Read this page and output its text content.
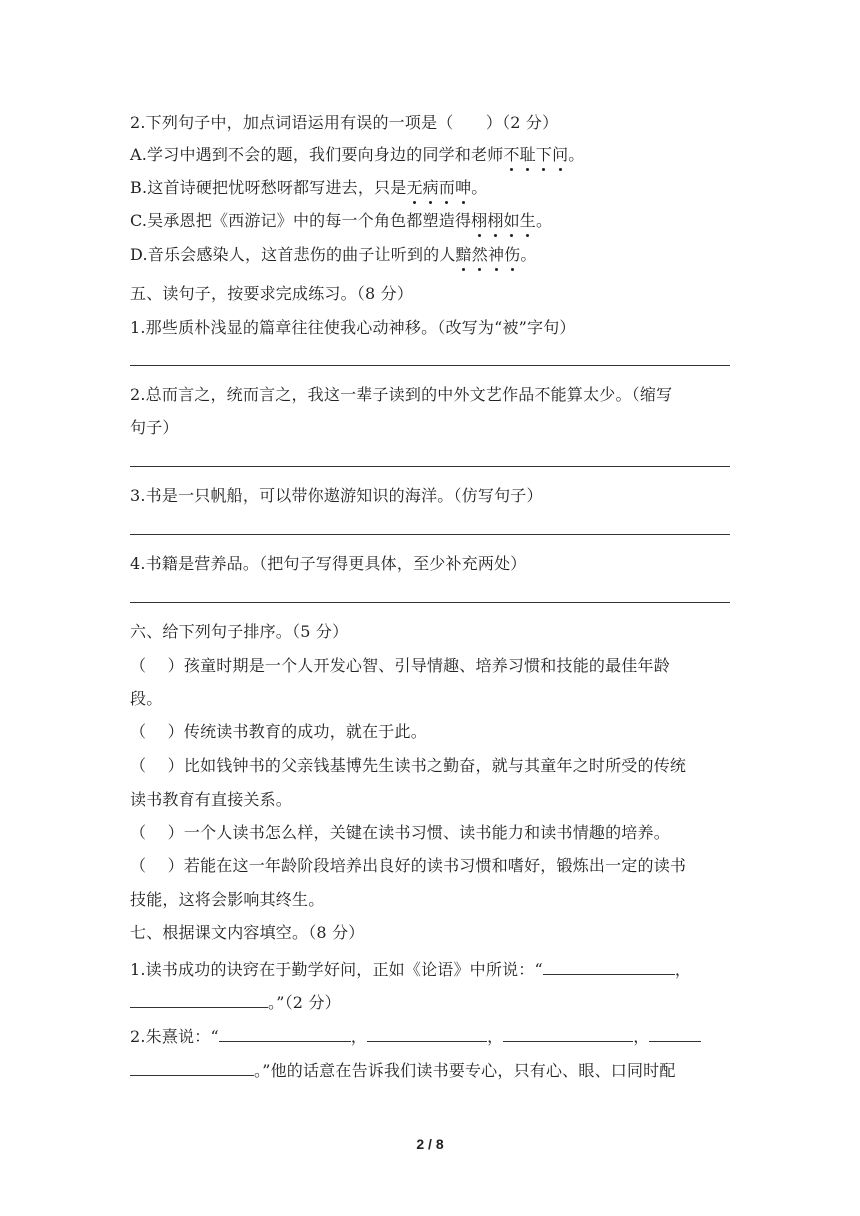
2.下列句子中，加点词语运用有误的一项是（　　）（2 分）
A.学习中遇到不会的题，我们要向身边的同学和老师不耻下问。
B.这首诗硬把忧呀愁呀都写进去，只是无病而呻。
C.吴承恩把《西游记》中的每一个角色都塑造得栩栩如生。
D.音乐会感染人，这首悲伤的曲子让听到的人黯然神伤。
五、读句子，按要求完成练习。（8 分）
1.那些质朴浅显的篇章往往使我心动神移。（改写为“被”字句）
2.总而言之，统而言之，我这一辈子读到的中外文艺作品不能算太少。（缩写
句子）
3.书是一只帆船，可以带你遨游知识的海洋。（仿写句子）
4.书籍是营养品。（把句子写得更具体，至少补充两处）
六、给下列句子排序。（5 分）
（　 ）孩童时期是一个人开发心智、引导情趣、培养习惯和技能的最佳年龄
段。
（　 ）传统读书教育的成功，就在于此。
（　 ）比如钱钟书的父亲钱基博先生读书之勤奋，就与其童年之时所受的传统
读书教育有直接关系。
（　 ）一个人读书怎么样，关键在读书习惯、读书能力和读书情趣的培养。
（　 ）若能在这一年龄阶段培养出良好的读书习惯和嗜好，锻炼出一定的读书
技能，这将会影响其终生。
七、根据课文内容填空。（8 分）
1.读书成功的诀窍在于勤学好问，正如《论语》中所说：“	，
。”（2 分）
2.朱熹说：“	，	，	，
。”他的话意在告诉我们读书要专心，只有心、眼、口同时配
2 / 8
